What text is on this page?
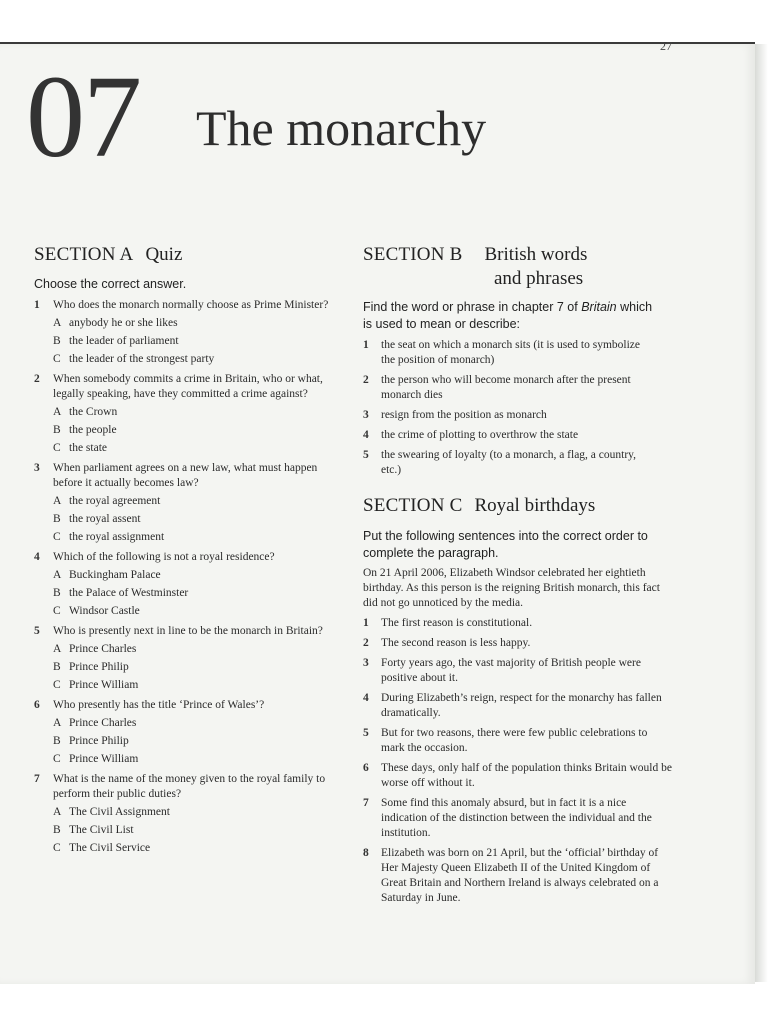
27
07 The monarchy
SECTION A Quiz
Choose the correct answer.
1	Who does the monarch normally choose as Prime Minister?
A anybody he or she likes
B the leader of parliament
C the leader of the strongest party
2	When somebody commits a crime in Britain, who or what, legally speaking, have they committed a crime against?
A the Crown
B the people
C the state
3	When parliament agrees on a new law, what must happen before it actually becomes law?
A the royal agreement
B the royal assent
C the royal assignment
4	Which of the following is not a royal residence?
A Buckingham Palace
B the Palace of Westminster
C Windsor Castle
5	Who is presently next in line to be the monarch in Britain?
A Prince Charles
B Prince Philip
C Prince William
6	Who presently has the title ‘Prince of Wales’?
A Prince Charles
B Prince Philip
C Prince William
7	What is the name of the money given to the royal family to perform their public duties?
A The Civil Assignment
B The Civil List
C The Civil Service
SECTION B British words
and phrases
Find the word or phrase in chapter 7 of Britain which is used to mean or describe:
1	the seat on which a monarch sits (it is used to symbolize the position of monarch)
2	the person who will become monarch after the present monarch dies
3	resign from the position as monarch
4	the crime of plotting to overthrow the state
5	the swearing of loyalty (to a monarch, a flag, a country, etc.)
SECTION C Royal birthdays
Put the following sentences into the correct order to complete the paragraph.
On 21 April 2006, Elizabeth Windsor celebrated her eightieth birthday. As this person is the reigning British monarch, this fact did not go unnoticed by the media.
1	The first reason is constitutional.
2	The second reason is less happy.
3	Forty years ago, the vast majority of British people were positive about it.
4	During Elizabeth’s reign, respect for the monarchy has fallen dramatically.
5	But for two reasons, there were few public celebrations to mark the occasion.
6	These days, only half of the population thinks Britain would be worse off without it.
7	Some find this anomaly absurd, but in fact it is a nice indication of the distinction between the individual and the institution.
8	Elizabeth was born on 21 April, but the ‘official’ birthday of Her Majesty Queen Elizabeth II of the United Kingdom of Great Britain and Northern Ireland is always celebrated on a Saturday in June.
